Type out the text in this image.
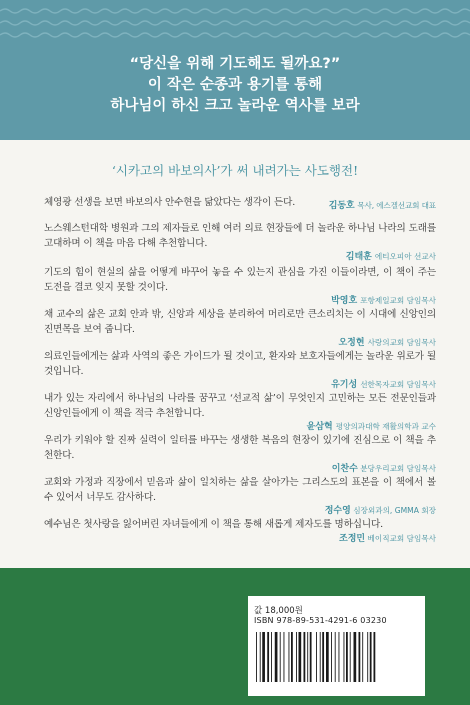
“당신을 위해 기도해도 될까요?”
이 작은 순종과 용기를 통해
하나님이 하신 크고 놀라운 역사를 보라
‘시카고의 바보의사’가 써 내려가는 사도행전!
체영광 선생을 보면 바보의사 안수현을 닮았다는 생각이 든다.	김동호 목사, 에스겔선교회 대표
노스웨스턴대학 병원과 그의 제자들로 인해 여러 의료 현장들에 더 놀라운 하나님 나라의 도래를 고대하며 이 책을 마음 다해 추천합니다.
김태훈 에티오피아 선교사
기도의 힘이 현실의 삶을 어떻게 바꾸어 놓을 수 있는지 관심을 가진 이들이라면, 이 책이 주는 도전을 결코 잊지 못할 것이다.
박영호 포항제일교회 담임목사
채 교수의 삶은 교회 안과 밖, 신앙과 세상을 분리하여 머리로만 큰소리치는 이 시대에 신앙인의 진면목을 보여 줍니다.
오정현 사랑의교회 담임목사
의료인들에게는 삶과 사역의 좋은 가이드가 될 것이고, 환자와 보호자들에게는 놀라운 위로가 될 것입니다.
유기성 선한목자교회 담임목사
내가 있는 자리에서 하나님의 나라를 꿈꾸고 ‘선교적 삶’이 무엇인지 고민하는 모든 전문인들과 신앙인들에게 이 책을 적극 추천합니다.
윤삼혁 평양의과대학 재활의학과 교수
우리가 키워야 할 진짜 실력이 일터를 바꾸는 생생한 복음의 현장이 있기에 진심으로 이 책을 추천한다.
이찬수 분당우리교회 담임목사
교회와 가정과 직장에서 믿음과 삶이 일치하는 삶을 살아가는 그리스도의 표본을 이 책에서 볼 수 있어서 너무도 감사하다.
정수영 심장외과의, GMMA 회장
예수님은 첫사랑을 잃어버린 자녀들에게 이 책을 통해 새롭게 제자도를 명하십니다.
조정민 베이직교회 담임목사
값 18,000원
ISBN 978-89-531-4291-6 03230
